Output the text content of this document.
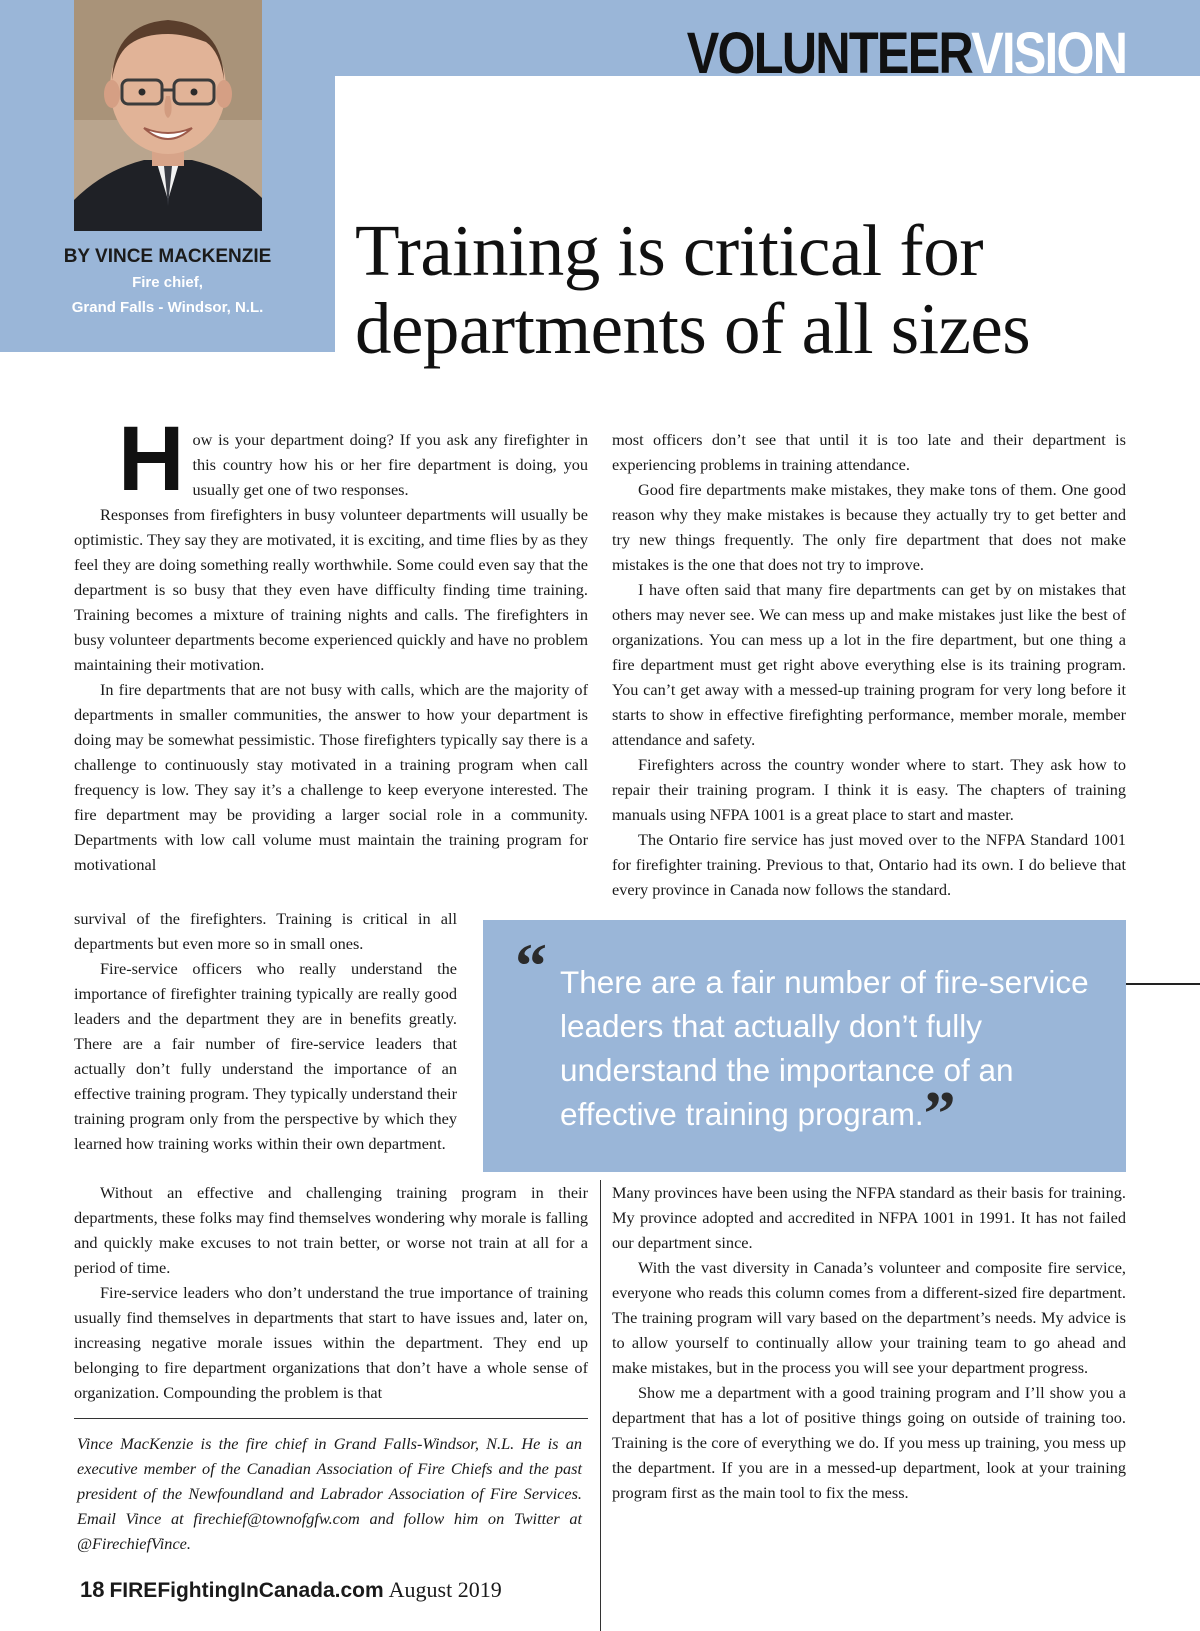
VOLUNTEERVISION
BY VINCE MACKENZIE
Fire chief,
Grand Falls - Windsor, N.L.
Training is critical for
departments of all sizes

How is your department doing? If you ask any firefighter in this country how his or her fire department is doing, you usually get one of two responses.

Responses from firefighters in busy volunteer departments will usually be optimistic. They say they are motivated, it is exciting, and time flies by as they feel they are doing something really worthwhile. Some could even say that the department is so busy that they even have difficulty finding time training. Training becomes a mixture of training nights and calls. The firefighters in busy volunteer departments become experienced quickly and have no problem maintaining their motivation.

In fire departments that are not busy with calls, which are the majority of departments in smaller communities, the answer to how your department is doing may be somewhat pessimistic. Those firefighters typically say there is a challenge to continuously stay motivated in a training program when call frequency is low. They say it’s a challenge to keep everyone interested. The fire department may be providing a larger social role in a community. Departments with low call volume must maintain the training program for motivational

survival of the firefighters. Training is critical in all departments but even more so in small ones.

Fire-service officers who really understand the importance of firefighter training typically are really good leaders and the department they are in benefits greatly. There are a fair number of fire-service leaders that actually don’t fully understand the importance of an effective training program. They typically understand their training program only from the perspective by which they learned how training works within their own department.

Without an effective and challenging training program in their departments, these folks may find themselves wondering why morale is falling and quickly make excuses to not train better, or worse not train at all for a period of time.

Fire-service leaders who don’t understand the true importance of training usually find themselves in departments that start to have issues and, later on, increasing negative morale issues within the department. They end up belonging to fire department organizations that don’t have a whole sense of organization. Compounding the problem is that

most officers don’t see that until it is too late and their department is experiencing problems in training attendance.

Good fire departments make mistakes, they make tons of them. One good reason why they make mistakes is because they actually try to get better and try new things frequently. The only fire department that does not make mistakes is the one that does not try to improve.

I have often said that many fire departments can get by on mistakes that others may never see. We can mess up and make mistakes just like the best of organizations. You can mess up a lot in the fire department, but one thing a fire department must get right above everything else is its training program. You can’t get away with a messed-up training program for very long before it starts to show in effective firefighting performance, member morale, member attendance and safety.

Firefighters across the country wonder where to start. They ask how to repair their training program. I think it is easy. The chapters of training manuals using NFPA 1001 is a great place to start and master.

The Ontario fire service has just moved over to the NFPA Standard 1001 for firefighter training. Previous to that, Ontario had its own. I do believe that every province in Canada now follows the standard.

“ There are a fair number of fire-service leaders that actually don’t fully understand the importance of an effective training program.”

Many provinces have been using the NFPA standard as their basis for training. My province adopted and accredited in NFPA 1001 in 1991. It has not failed our department since.

With the vast diversity in Canada’s volunteer and composite fire service, everyone who reads this column comes from a different-sized fire department. The training program will vary based on the department’s needs. My advice is to allow yourself to continually allow your training team to go ahead and make mistakes, but in the process you will see your department progress.

Show me a department with a good training program and I’ll show you a department that has a lot of positive things going on outside of training too. Training is the core of everything we do. If you mess up training, you mess up the department. If you are in a messed-up department, look at your training program first as the main tool to fix the mess.

Vince MacKenzie is the fire chief in Grand Falls-Windsor, N.L. He is an executive member of the Canadian Association of Fire Chiefs and the past president of the Newfoundland and Labrador Association of Fire Services. Email Vince at firechief@townofgfw.com and follow him on Twitter at @FirechiefVince.

18 FIREFightingInCanada.com August 2019
